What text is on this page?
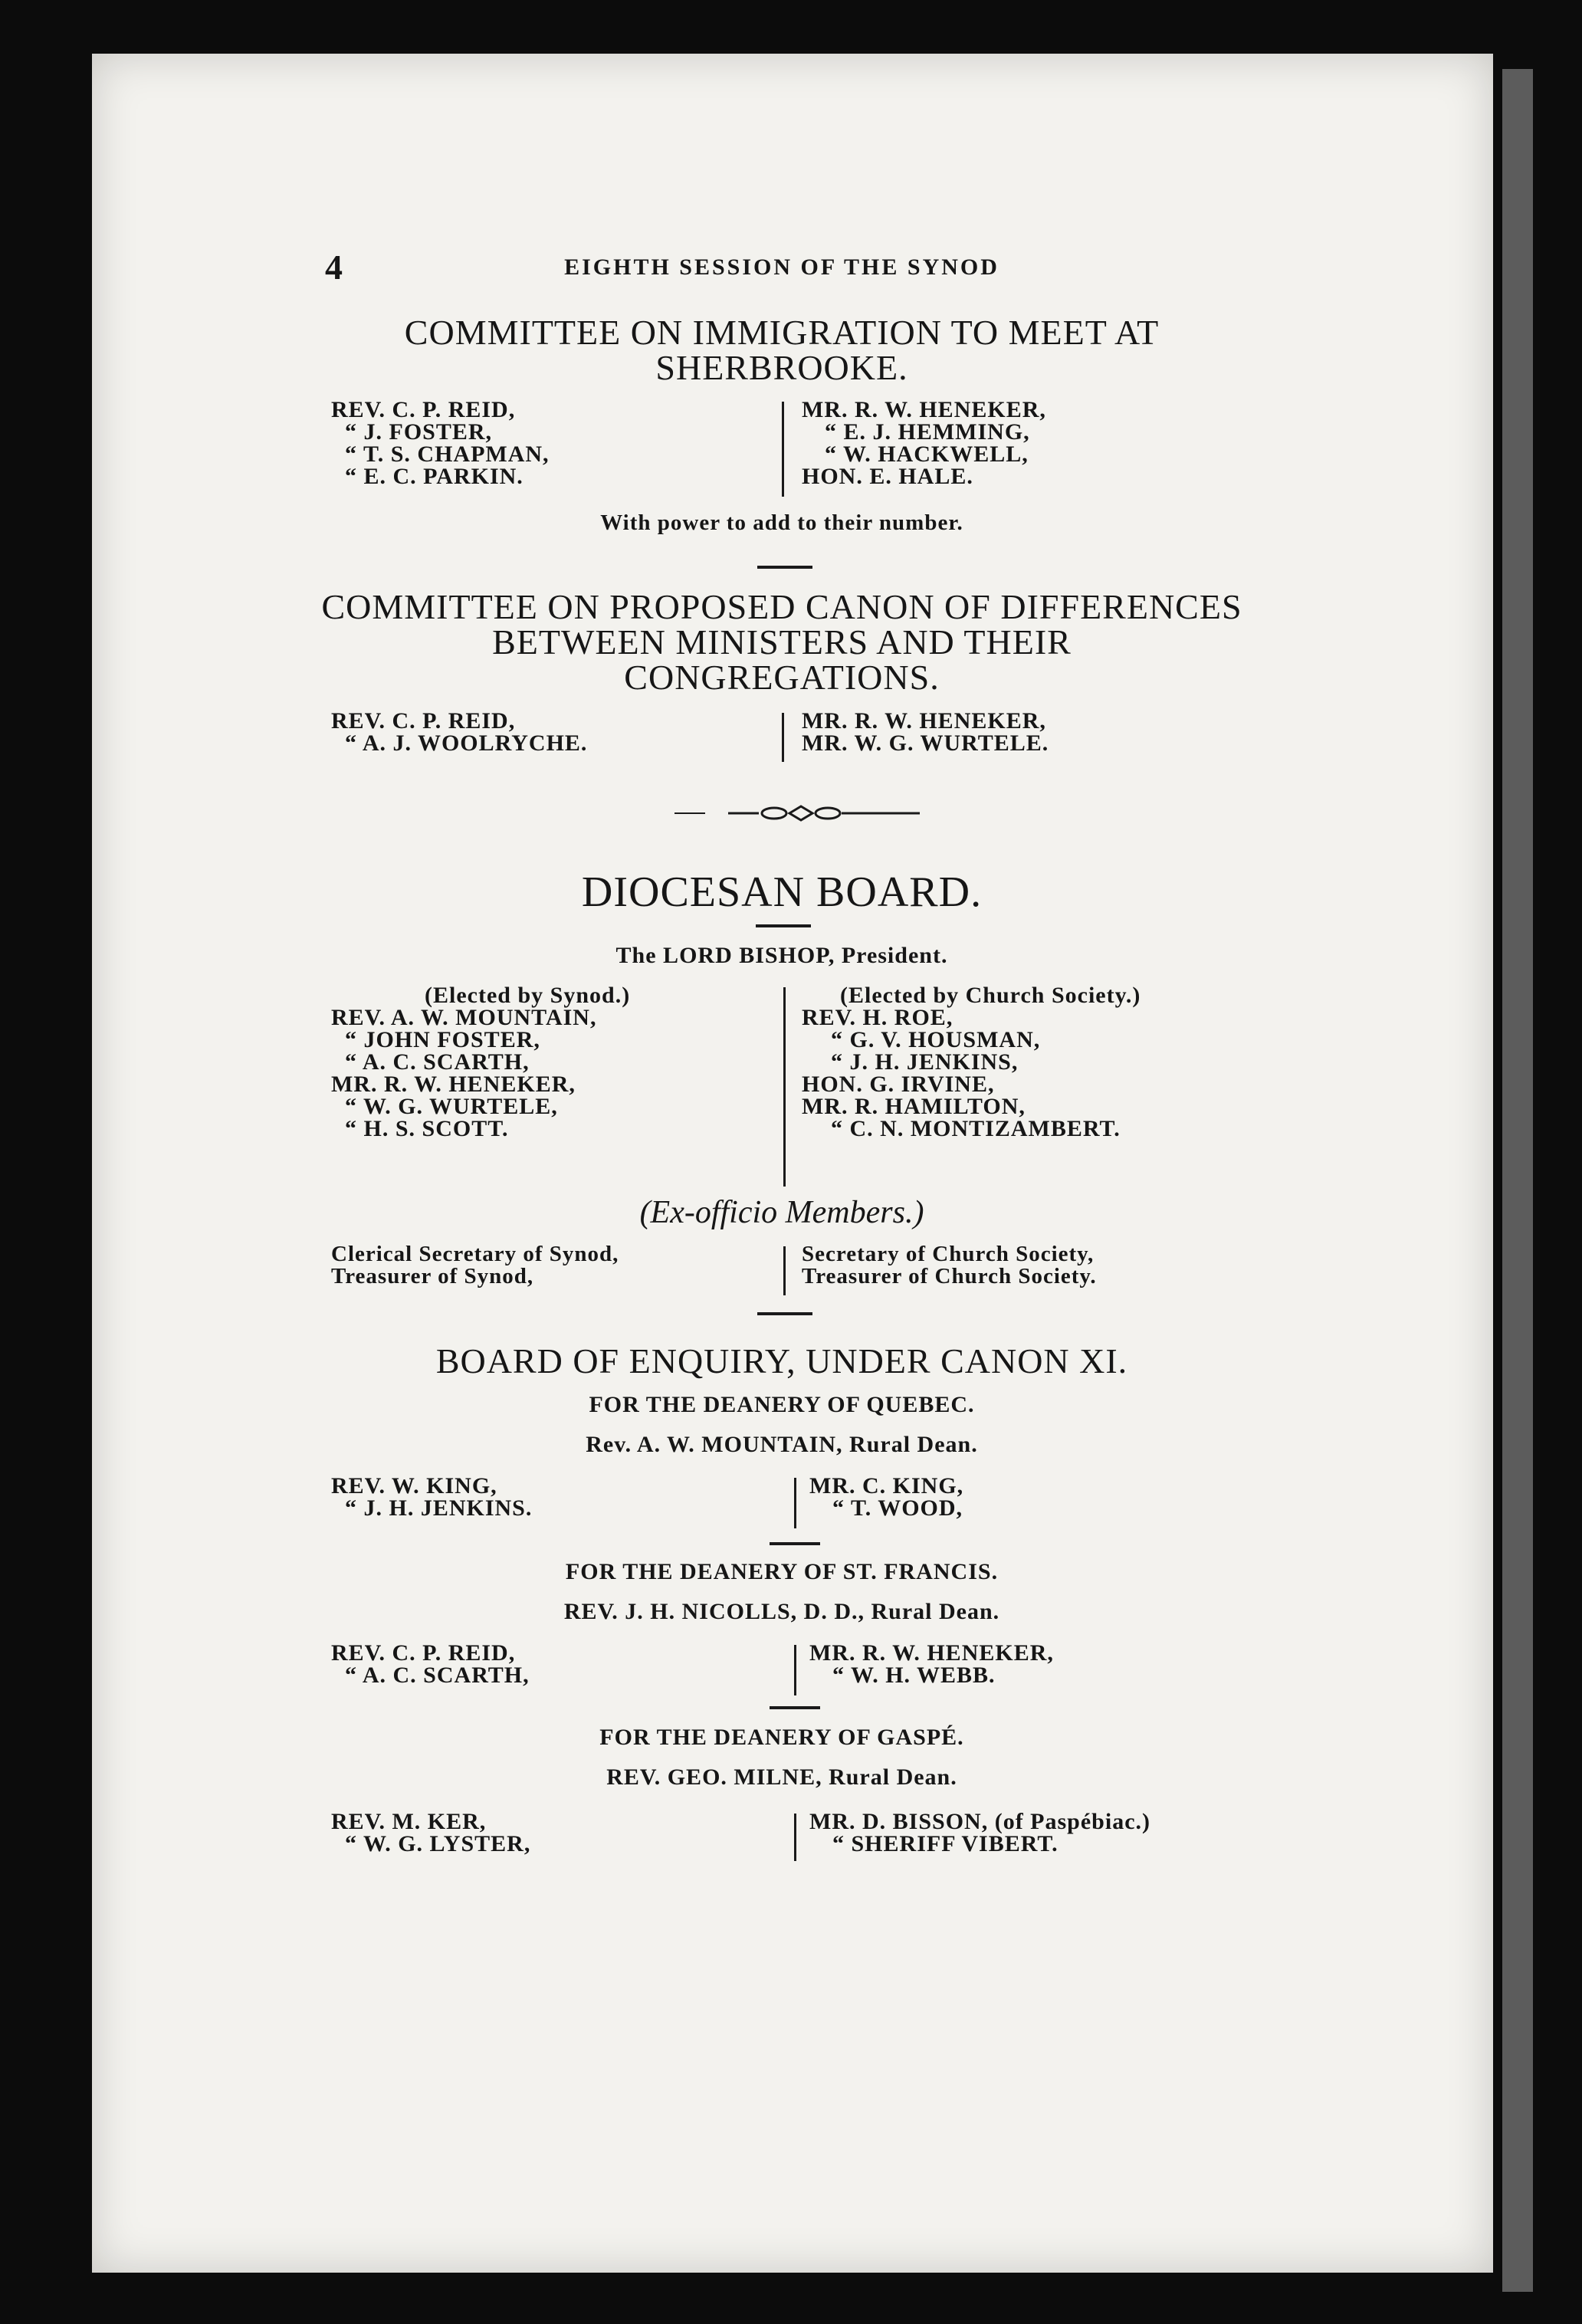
4	EIGHTH SESSION OF THE SYNOD
COMMITTEE ON IMMIGRATION TO MEET AT
SHERBROOKE.
REV. C. P. REID,
“ J. FOSTER,
“ T. S. CHAPMAN,
“ E. C. PARKIN.
MR. R. W. HENEKER,
“ E. J. HEMMING,
“ W. HACKWELL,
HON. E. HALE.
With power to add to their number.
COMMITTEE ON PROPOSED CANON OF DIFFERENCES
BETWEEN MINISTERS AND THEIR
CONGREGATIONS.
REV. C. P. REID,
“ A. J. WOOLRYCHE.
MR. R. W. HENEKER,
MR. W. G. WURTELE.
DIOCESAN BOARD.
The LORD BISHOP, President.
(Elected by Synod.)
REV. A. W. MOUNTAIN,
“ JOHN FOSTER,
“ A. C. SCARTH,
MR. R. W. HENEKER,
“ W. G. WURTELE,
“ H. S. SCOTT.
(Elected by Church Society.)
REV. H. ROE,
“ G. V. HOUSMAN,
“ J. H. JENKINS,
HON. G. IRVINE,
MR. R. HAMILTON,
“ C. N. MONTIZAMBERT.
(Ex-officio Members.)
Clerical Secretary of Synod,
Treasurer of Synod,
Secretary of Church Society,
Treasurer of Church Society.
BOARD OF ENQUIRY, UNDER CANON XI.
FOR THE DEANERY OF QUEBEC.
Rev. A. W. MOUNTAIN, Rural Dean.
REV. W. KING,
“ J. H. JENKINS.
MR. C. KING,
“ T. WOOD,
FOR THE DEANERY OF ST. FRANCIS.
REV. J. H. NICOLLS, D. D., Rural Dean.
REV. C. P. REID,
“ A. C. SCARTH,
MR. R. W. HENEKER,
“ W. H. WEBB.
FOR THE DEANERY OF GASPÉ.
REV. GEO. MILNE, Rural Dean.
REV. M. KER,
“ W. G. LYSTER,
MR. D. BISSON, (of Paspébiac.)
“ SHERIFF VIBERT.
